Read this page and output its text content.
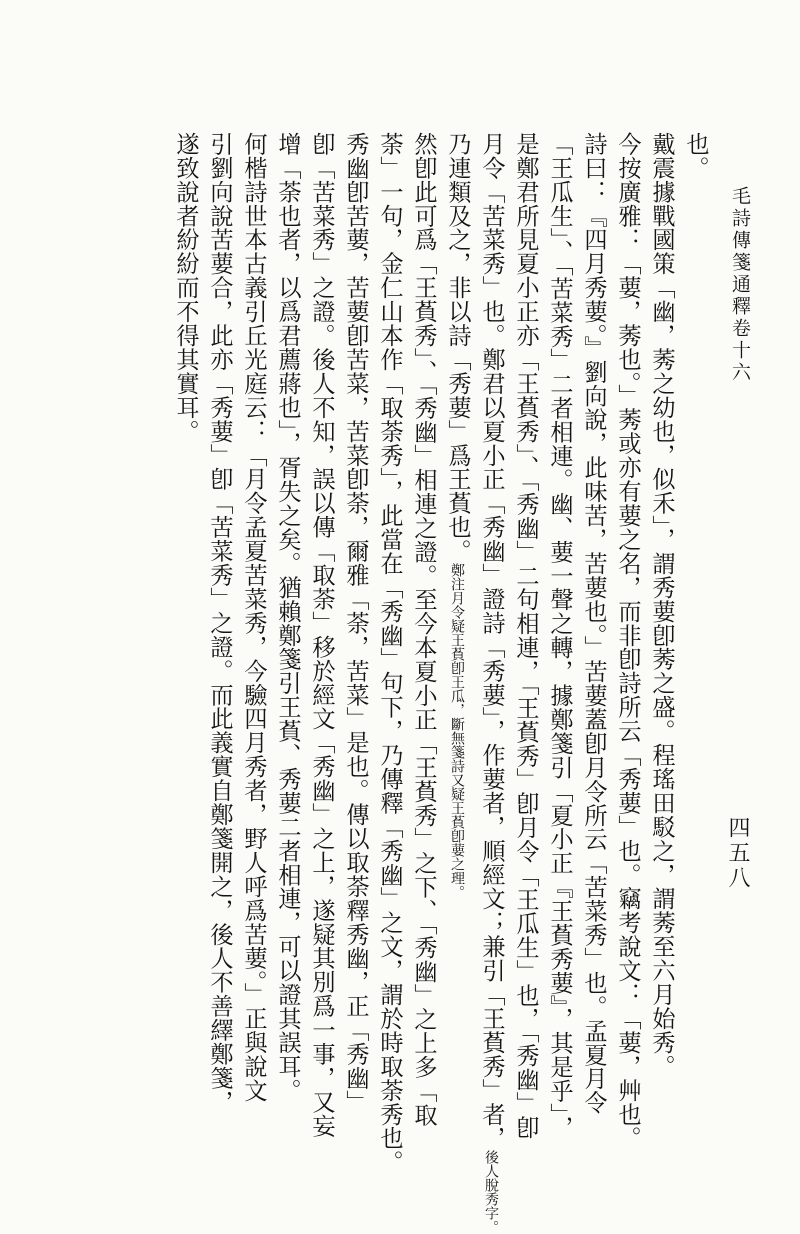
毛詩傳箋通釋卷十六
四五八
也。
戴震據戰國策「幽，莠之幼也，似禾」，謂秀葽卽莠之盛。程瑤田駁之，謂莠至六月始秀。
今按廣雅：「葽，莠也。」莠或亦有葽之名，而非卽詩所云「秀葽」也。竊考說文：「葽，艸也。
詩曰：『四月秀葽。』劉向說，此味苦，苦葽也。」苦葽蓋卽月令所云「苦菜秀」也。孟夏月令
「王瓜生」、「苦菜秀」二者相連。幽、葽一聲之轉，據鄭箋引「夏小正『王萯秀葽』，其是乎」，
是鄭君所見夏小正亦「王萯秀」、「秀幽」二句相連，「王萯秀」卽月令「王瓜生」也，「秀幽」卽
月令「苦菜秀」也。鄭君以夏小正「秀幽」證詩「秀葽」，作葽者，順經文；兼引「王萯秀」者，後人脫秀字。
乃連類及之，非以詩「秀葽」爲王萯也。鄭注月令疑王萯卽王瓜，斷無箋詩又疑王萯卽葽之理。
然卽此可爲「王萯秀」、「秀幽」相連之證。至今本夏小正「王萯秀」之下、「秀幽」之上多「取
荼」一句，金仁山本作「取荼秀」，此當在「秀幽」句下，乃傳釋「秀幽」之文，謂於時取荼秀也。
秀幽卽苦葽，苦葽卽苦菜，苦菜卽荼，爾雅「荼，苦菜」是也。傳以取荼釋秀幽，正「秀幽」
卽「苦菜秀」之證。後人不知，誤以傳「取荼」移於經文「秀幽」之上，遂疑其別爲一事，又妄
增「荼也者，以爲君薦蔣也」，胥失之矣。猶賴鄭箋引王萯、秀葽二者相連，可以證其誤耳。
何楷詩世本古義引丘光庭云：「月令孟夏苦菜秀，今驗四月秀者，野人呼爲苦葽。」正與說文
引劉向說苦葽合，此亦「秀葽」卽「苦菜秀」之證。而此義實自鄭箋開之，後人不善繹鄭箋，
遂致說者紛紛而不得其實耳。
